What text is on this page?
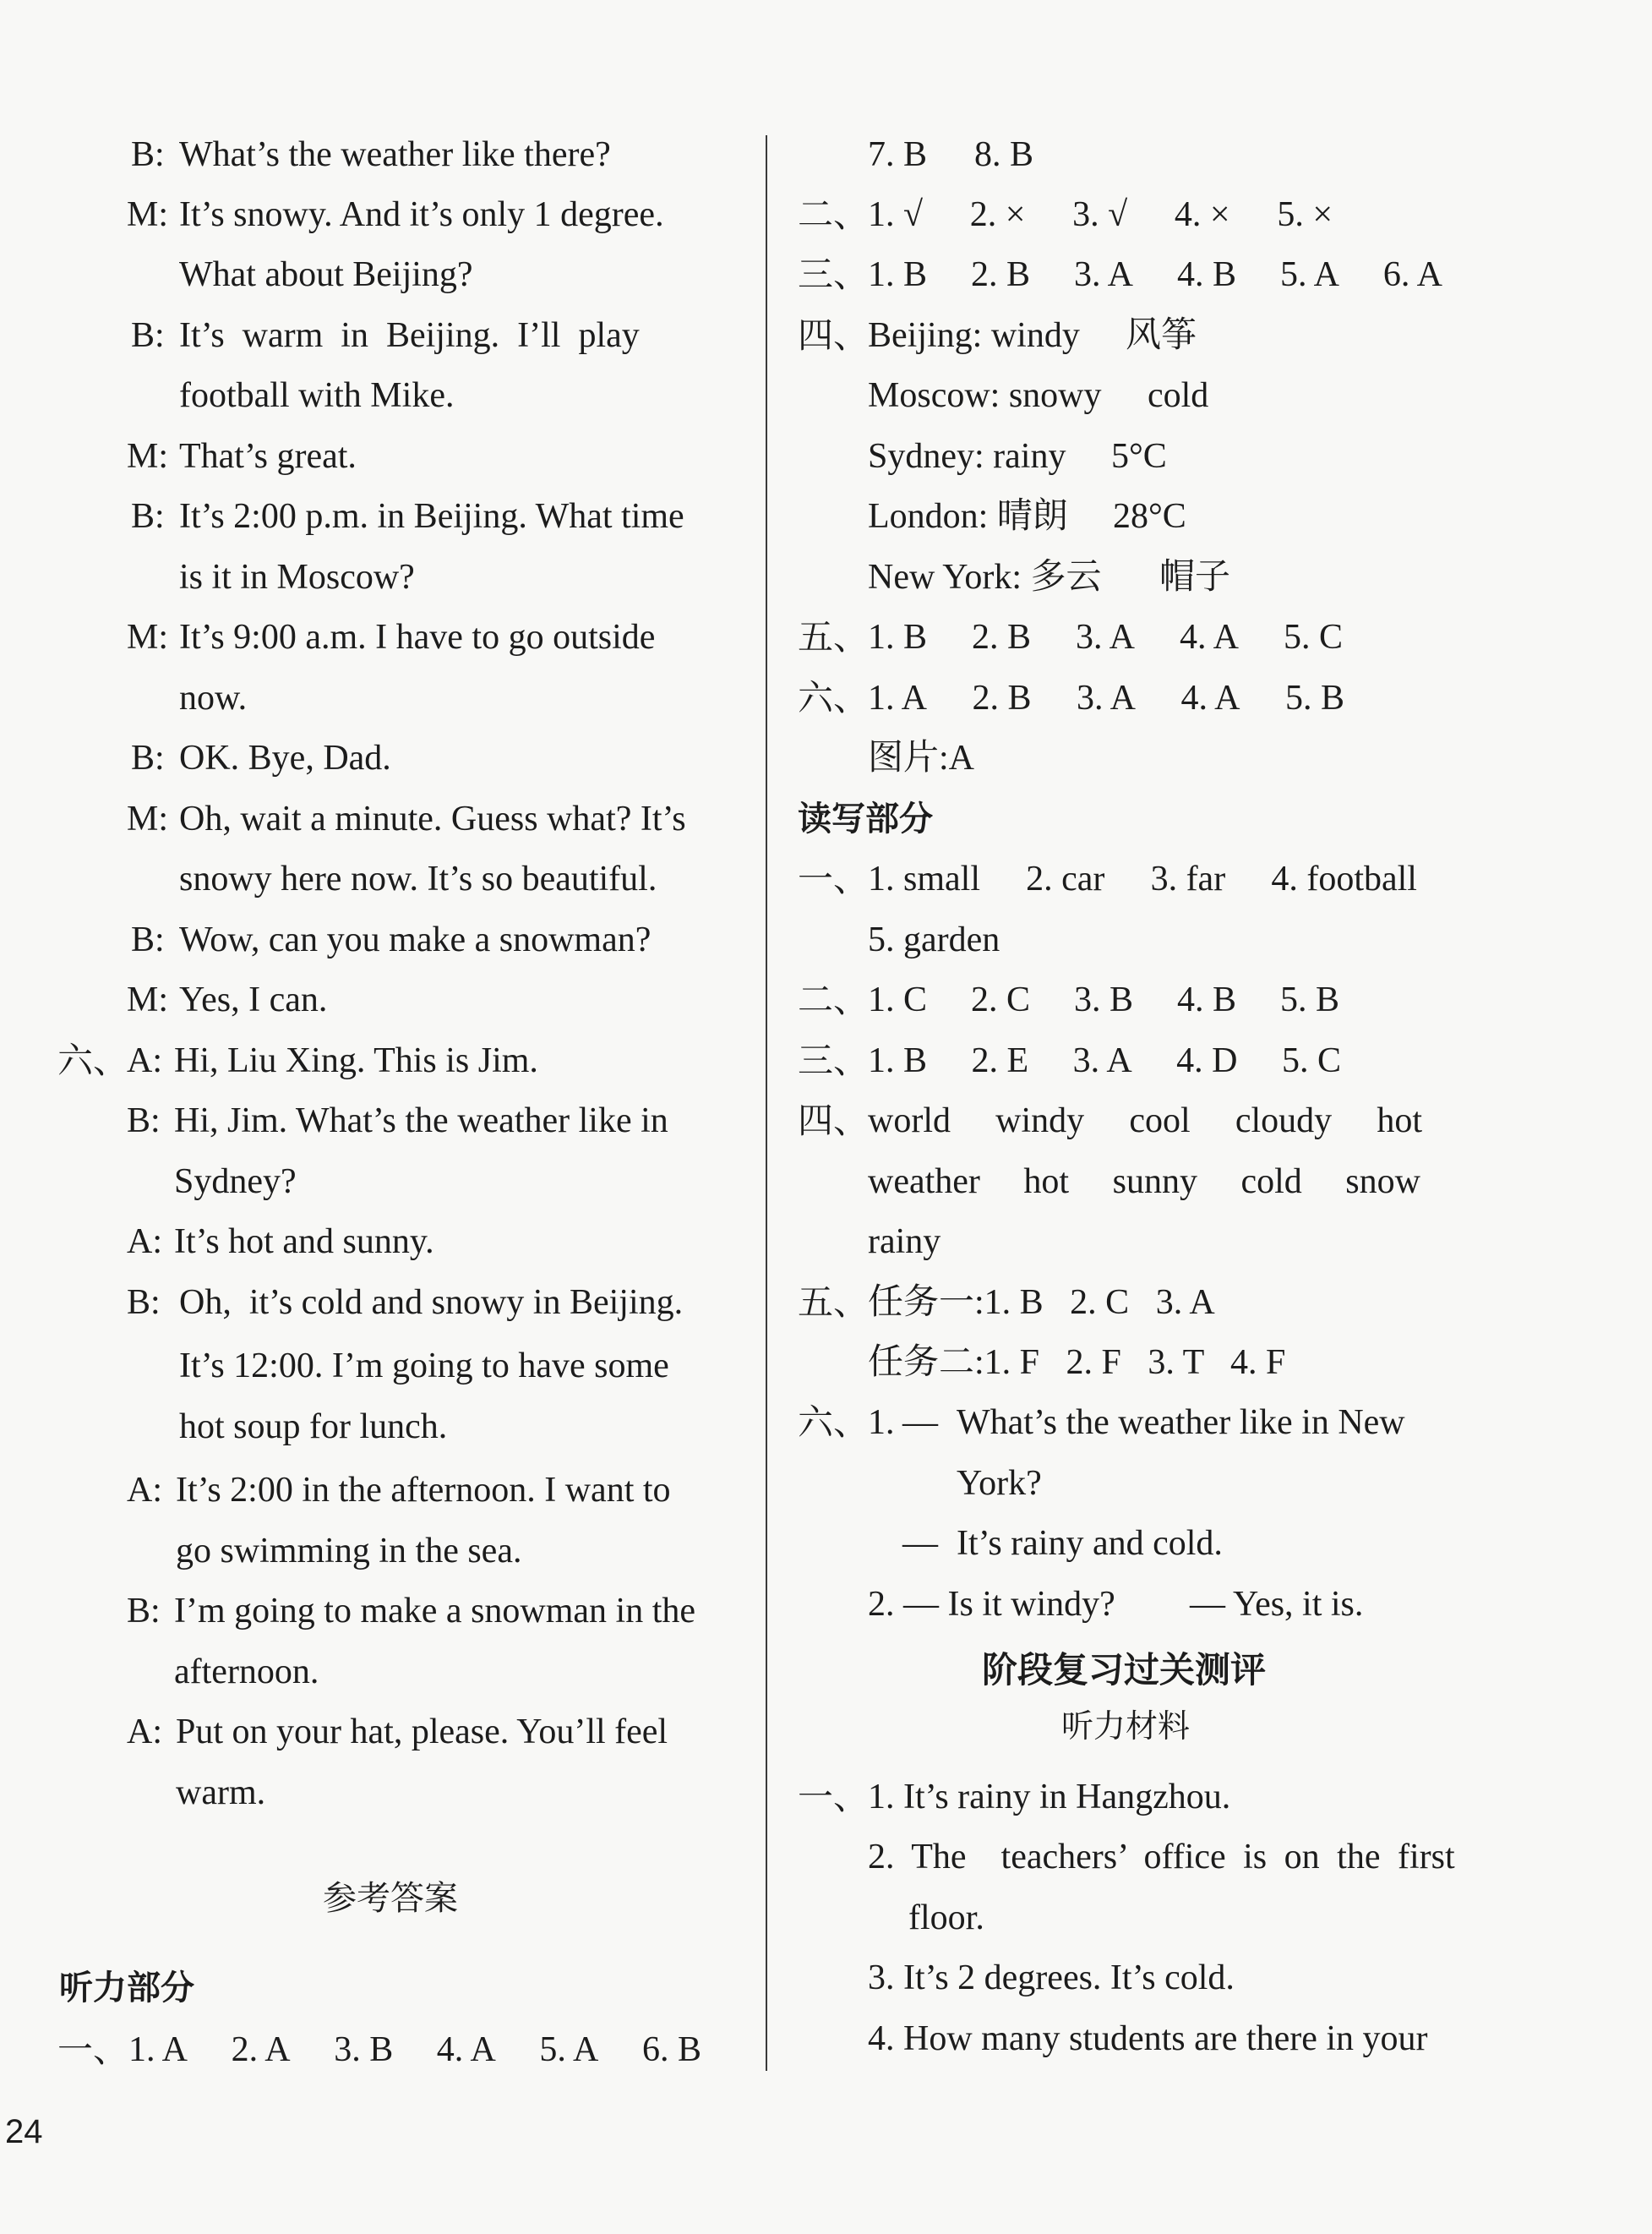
B: What’s the weather like there?
M: It’s snowy. And it’s only 1 degree.
What about Beijing?
B: It’s  warm  in  Beijing.  I’ll  play
football with Mike.
M: That’s great.
B: It’s 2:00 p.m. in Beijing. What time
is it in Moscow?
M: It’s 9:00 a.m. I have to go outside
now.
B: OK. Bye, Dad.
M: Oh, wait a minute. Guess what? It’s
snowy here now. It’s so beautiful.
B: Wow, can you make a snowman?
M: Yes, I can.
六、
A: Hi, Liu Xing. This is Jim.
B: Hi, Jim. What’s the weather like in
Sydney?
A: It’s hot and sunny.
B: Oh,  it’s cold and snowy in Beijing.
It’s 12:00. I’m going to have some
hot soup for lunch.
A: It’s 2:00 in the afternoon. I want to
go swimming in the sea.
B: I’m going to make a snowman in the
afternoon.
A: Put on your hat, please. You’ll feel
warm.
参考答案
听力部分
一、 1. A 2. A 3. B 4. A 5. A 6. B
7. B 8. B
二、
1. √ 2. × 3. √ 4. × 5. ×
三、
1. B 2. B 3. A 4. B 5. A 6. A
四、
Beijing: windy 风筝
Moscow: snowy cold
Sydney: rainy 5°C
London: 晴朗 28°C
New York: 多云 帽子
五、
1. B 2. B 3. A 4. A 5. C
六、
1. A 2. B 3. A 4. A 5. B
图片:A
读写部分
一、
1. small 2. car 3. far 4. football
5. garden
二、
1. C 2. C 3. B 4. B 5. B
三、
1. B 2. E 3. A 4. D 5. C
四、
world windy cool cloudy hot
weather hot sunny cold snow
rainy
五、
任务一:1. B   2. C   3. A
任务二:1. F   2. F   3. T   4. F
六、
1. — What’s the weather like in New
York?
— It’s rainy and cold.
2. — Is it windy? — Yes, it is.
阶段复习过关测评
听力材料
一、
1. It’s rainy in Hangzhou.
2. The  teachers’ office is on the first
floor.
3. It’s 2 degrees. It’s cold.
4. How many students are there in your
24
